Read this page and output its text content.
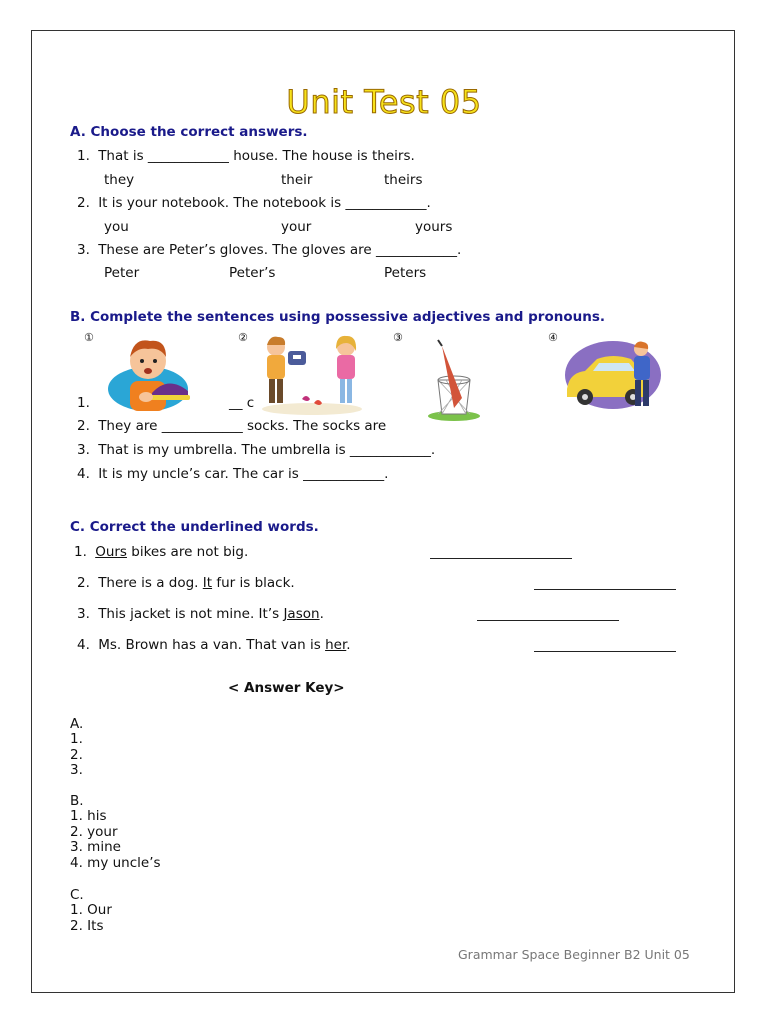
Unit Test 05
A. Choose the correct answers.
1. That is ____________ house. The house is theirs.
they	their	theirs
2. It is your notebook. The notebook is ____________.
you	your	yours
3. These are Peter’s gloves. The gloves are ____________.
Peter	Peter’s	Peters
B. Complete the sentences using possessive adjectives and pronouns.
①	②	③	④
1.	__ c
2. They are ____________ socks. The socks are
3. That is my umbrella. The umbrella is ____________.
4. It is my uncle’s car. The car is ____________.
C. Correct the underlined words.
1. Ours bikes are not big.
2. There is a dog. It fur is black.
3. This jacket is not mine. It’s Jason.
4. Ms. Brown has a van. That van is her.
< Answer Key>
A.
1.
2.
3.
B.
1. his
2. your
3. mine
4. my uncle’s
C.
1. Our
2. Its
Grammar Space Beginner B2 Unit 05
